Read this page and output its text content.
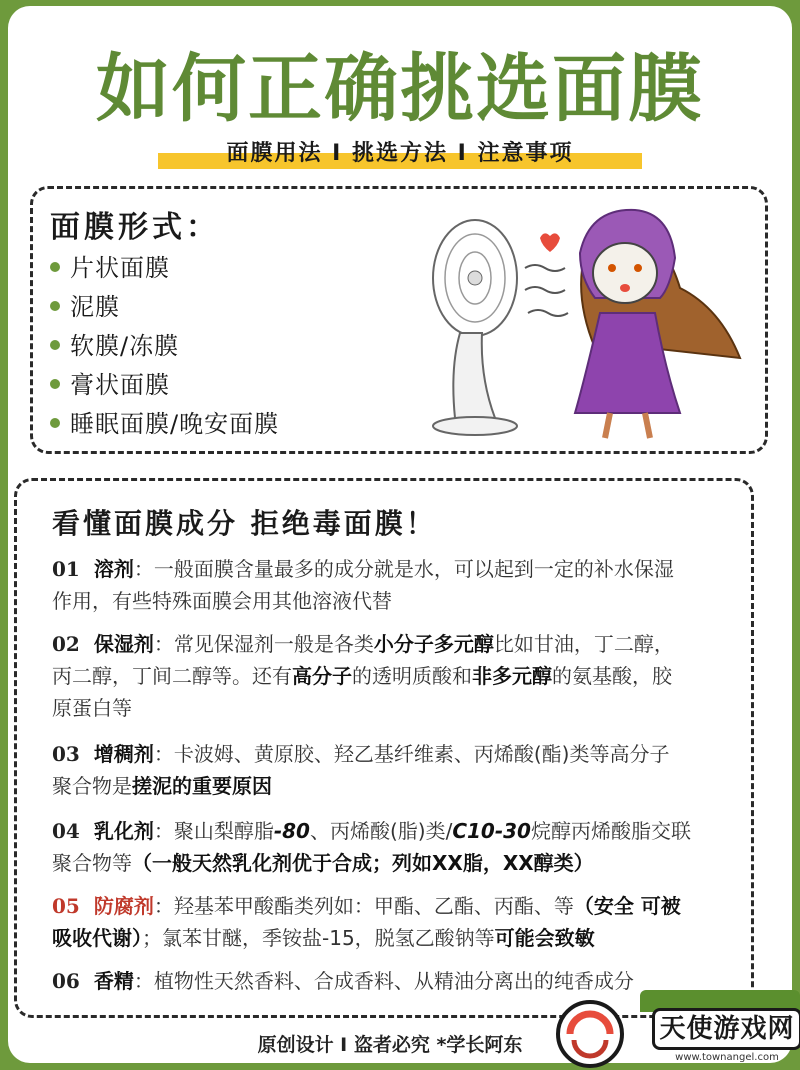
如何正确挑选面膜
面膜用法 I 挑选方法 I 注意事项
面膜形式：
片状面膜
泥膜
软膜/冻膜
膏状面膜
睡眠面膜/晚安面膜
看懂面膜成分 拒绝毒面膜！
01 溶剂：一般面膜含量最多的成分就是水，可以起到一定的补水保湿
作用，有些特殊面膜会用其他溶液代替
02 保湿剂：常见保湿剂一般是各类小分子多元醇比如甘油，丁二醇，
丙二醇，丁间二醇等。还有高分子的透明质酸和非多元醇的氨基酸，胶
原蛋白等
03 增稠剂：卡波姆、黄原胶、羟乙基纤维素、丙烯酸(酯)类等高分子
聚合物是搓泥的重要原因
04 乳化剂：聚山梨醇脂-80、丙烯酸(脂)类/C10-30烷醇丙烯酸脂交联
聚合物等（一般天然乳化剂优于合成；列如XX脂，XX醇类）
05 防腐剂：羟基苯甲酸酯类列如：甲酯、乙酯、丙酯、等（安全 可被
吸收代谢）；氯苯甘醚，季铵盐-15，脱氢乙酸钠等可能会致敏
06 香精：植物性天然香料、合成香料、从精油分离出的纯香成分
原创设计 I 盗者必究 *学长阿东
天使游戏网
www.townangel.com
